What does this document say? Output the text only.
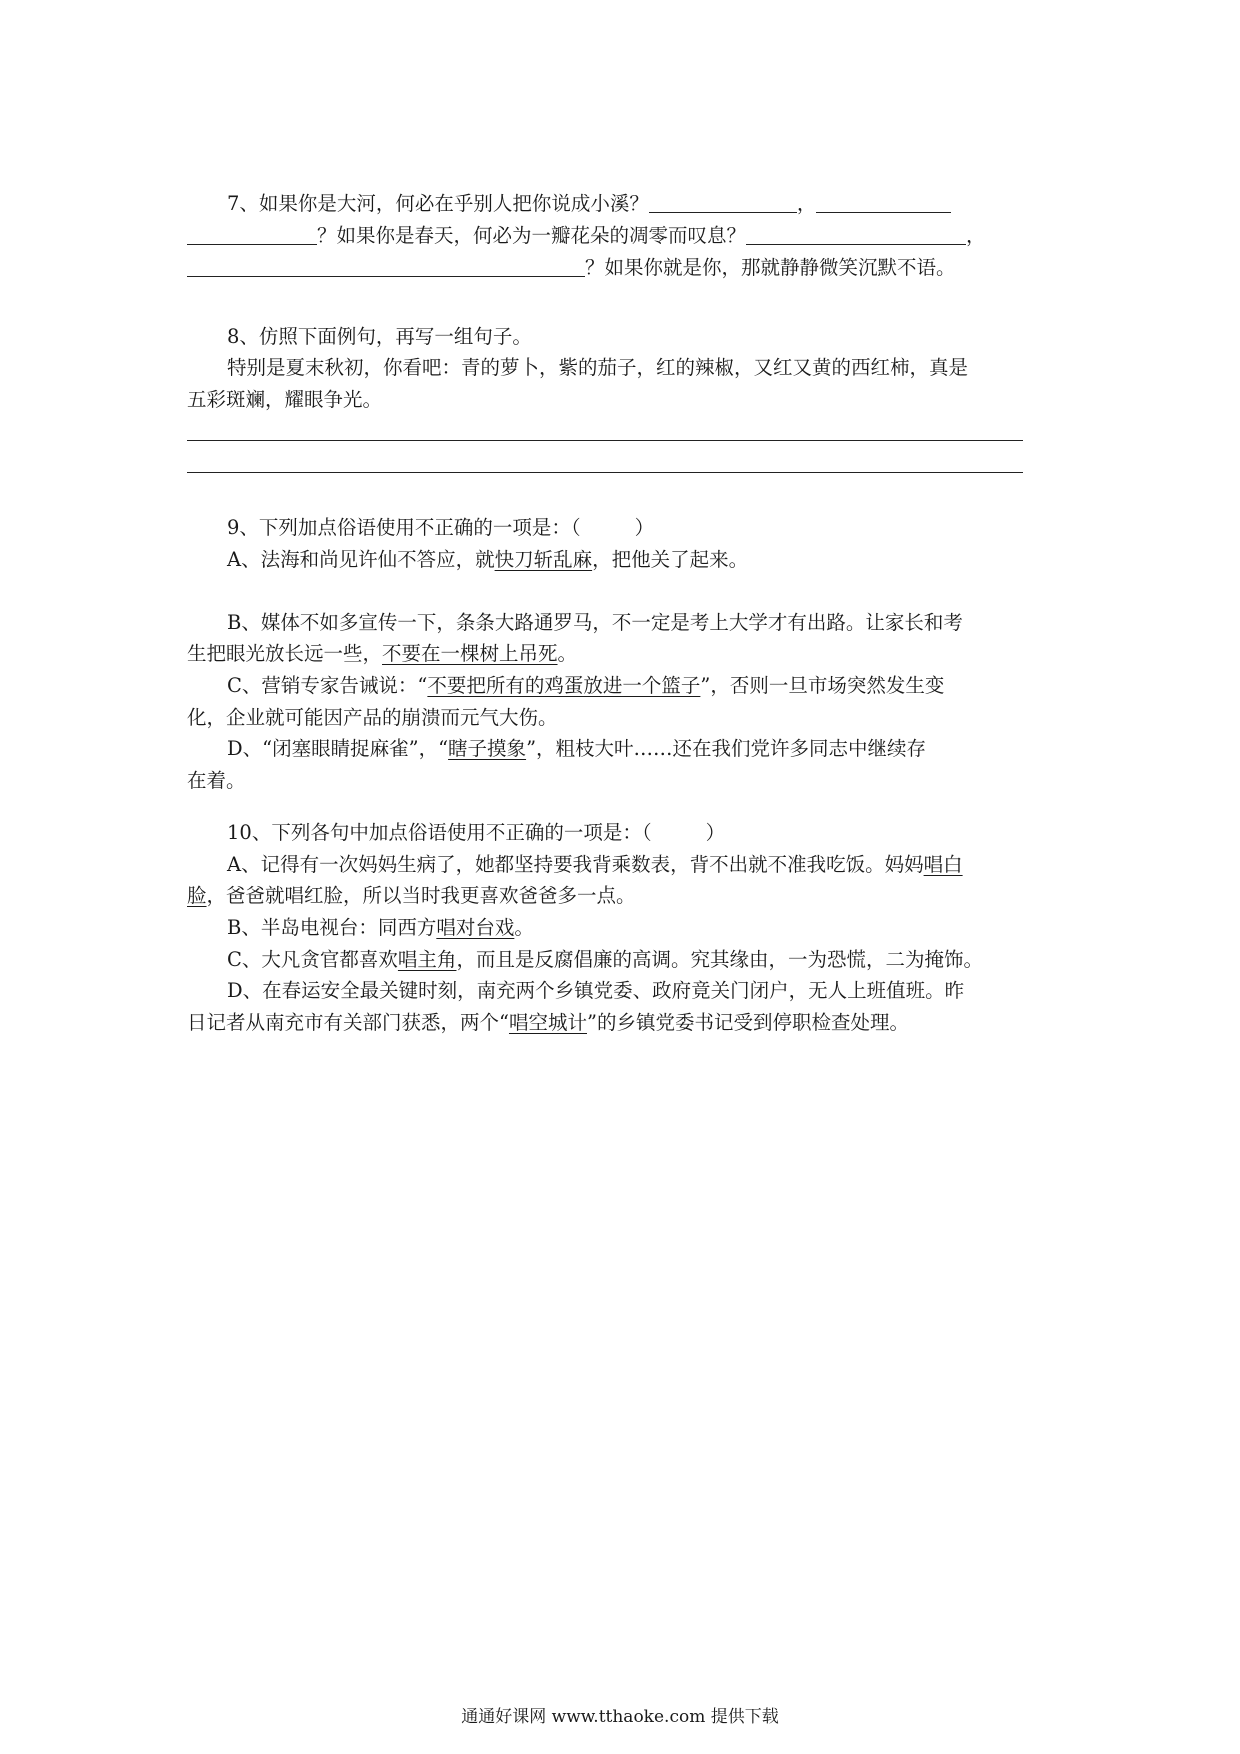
7、如果你是大河，何必在乎别人把你说成小溪？	，
？如果你是春天，何必为一瓣花朵的凋零而叹息？	，
？如果你就是你，那就静静微笑沉默不语。
8、仿照下面例句，再写一组句子。
特别是夏末秋初，你看吧：青的萝卜，紫的茄子，红的辣椒，又红又黄的西红柿，真是
五彩斑斓，耀眼争光。
9、下列加点俗语使用不正确的一项是：（	）
A、法海和尚见许仙不答应，就快刀斩乱麻，把他关了起来。
B、媒体不如多宣传一下，条条大路通罗马，不一定是考上大学才有出路。让家长和考
生把眼光放长远一些，不要在一棵树上吊死。
C、营销专家告诫说：“不要把所有的鸡蛋放进一个篮子”，否则一旦市场突然发生变
化，企业就可能因产品的崩溃而元气大伤。
D、“闭塞眼睛捉麻雀”，“瞎子摸象”，粗枝大叶……还在我们党许多同志中继续存
在着。
10、下列各句中加点俗语使用不正确的一项是：（	）
A、记得有一次妈妈生病了，她都坚持要我背乘数表，背不出就不准我吃饭。妈妈唱白
脸，爸爸就唱红脸，所以当时我更喜欢爸爸多一点。
B、半岛电视台：同西方唱对台戏。
C、大凡贪官都喜欢唱主角，而且是反腐倡廉的高调。究其缘由，一为恐慌，二为掩饰。
D、在春运安全最关键时刻，南充两个乡镇党委、政府竟关门闭户，无人上班值班。昨
日记者从南充市有关部门获悉，两个“唱空城计”的乡镇党委书记受到停职检查处理。
通通好课网 www.tthaoke.com 提供下载
